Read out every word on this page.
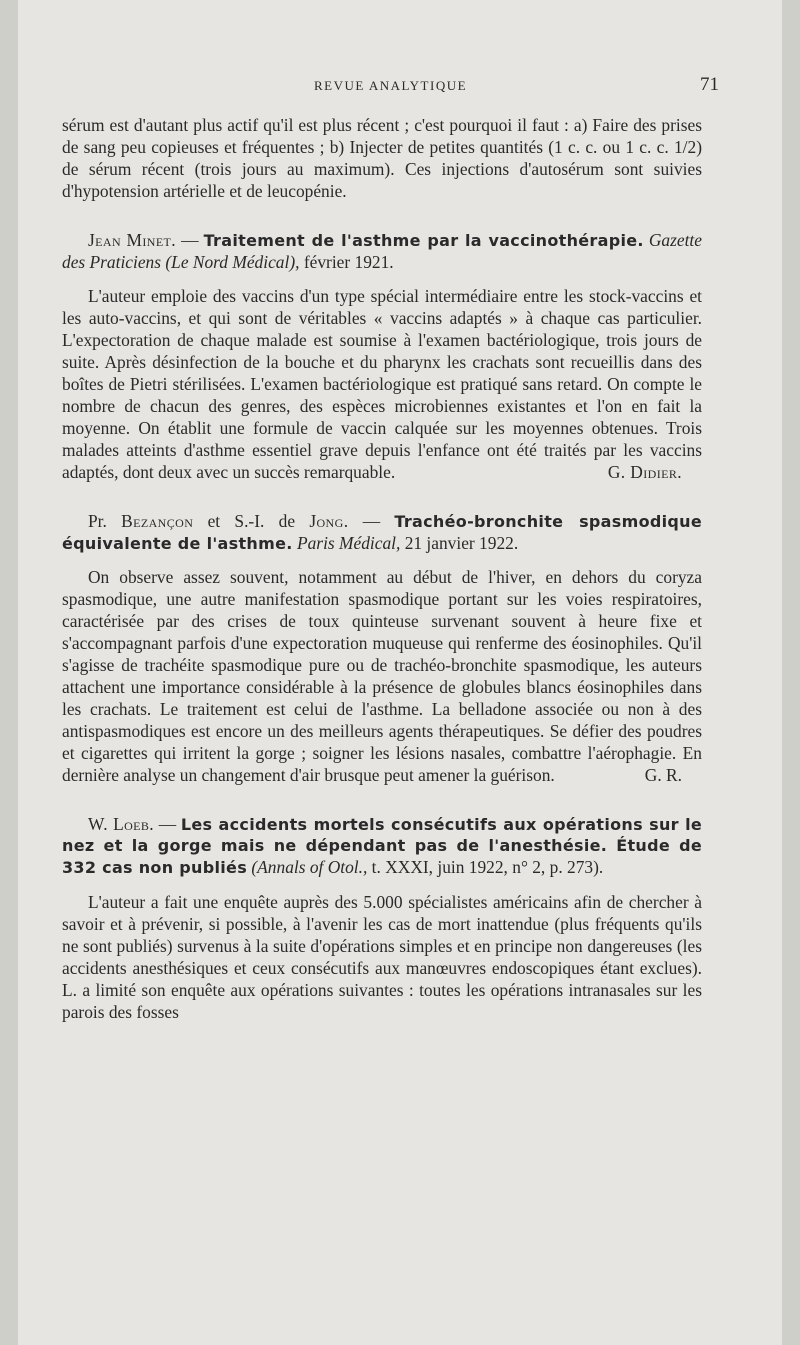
REVUE ANALYTIQUE	71

sérum est d'autant plus actif qu'il est plus récent ; c'est pourquoi il faut : a) Faire des prises de sang peu copieuses et fréquentes ; b) Injecter de petites quantités (1 c. c. ou 1 c. c. 1/2) de sérum récent (trois jours au maximum). Ces injections d'autosérum sont suivies d'hypotension artérielle et de leucopénie.

Jean Minet. — Traitement de l'asthme par la vaccinothérapie. Gazette des Praticiens (Le Nord Médical), février 1921.

L'auteur emploie des vaccins d'un type spécial intermédiaire entre les stock-vaccins et les auto-vaccins, et qui sont de véritables « vaccins adaptés » à chaque cas particulier. L'expectoration de chaque malade est soumise à l'examen bactériologique, trois jours de suite. Après désinfection de la bouche et du pharynx les crachats sont recueillis dans des boîtes de Pietri stérilisées. L'examen bactériologique est pratiqué sans retard. On compte le nombre de chacun des genres, des espèces microbiennes existantes et l'on en fait la moyenne. On établit une formule de vaccin calquée sur les moyennes obtenues. Trois malades atteints d'asthme essentiel grave depuis l'enfance ont été traités par les vaccins adaptés, dont deux avec un succès remarquable.	G. Didier.

Pr. Bezançon et S.-I. de Jong. — Trachéo-bronchite spasmodique équivalente de l'asthme. Paris Médical, 21 janvier 1922.

On observe assez souvent, notamment au début de l'hiver, en dehors du coryza spasmodique, une autre manifestation spasmodique portant sur les voies respiratoires, caractérisée par des crises de toux quinteuse survenant souvent à heure fixe et s'accompagnant parfois d'une expectoration muqueuse qui renferme des éosinophiles. Qu'il s'agisse de trachéite spasmodique pure ou de trachéo-bronchite spasmodique, les auteurs attachent une importance considérable à la présence de globules blancs éosinophiles dans les crachats. Le traitement est celui de l'asthme. La belladone associée ou non à des antispasmodiques est encore un des meilleurs agents thérapeutiques. Se défier des poudres et cigarettes qui irritent la gorge ; soigner les lésions nasales, combattre l'aérophagie. En dernière analyse un changement d'air brusque peut amener la guérison.	G. R.

W. Loeb. — Les accidents mortels consécutifs aux opérations sur le nez et la gorge mais ne dépendant pas de l'anesthésie. Étude de 332 cas non publiés (Annals of Otol., t. XXXI, juin 1922, n° 2, p. 273).

L'auteur a fait une enquête auprès des 5.000 spécialistes américains afin de chercher à savoir et à prévenir, si possible, à l'avenir les cas de mort inattendue (plus fréquents qu'ils ne sont publiés) survenus à la suite d'opérations simples et en principe non dangereuses (les accidents anesthésiques et ceux consécutifs aux manœuvres endoscopiques étant exclues). L. a limité son enquête aux opérations suivantes : toutes les opérations intranasales sur les parois des fosses
